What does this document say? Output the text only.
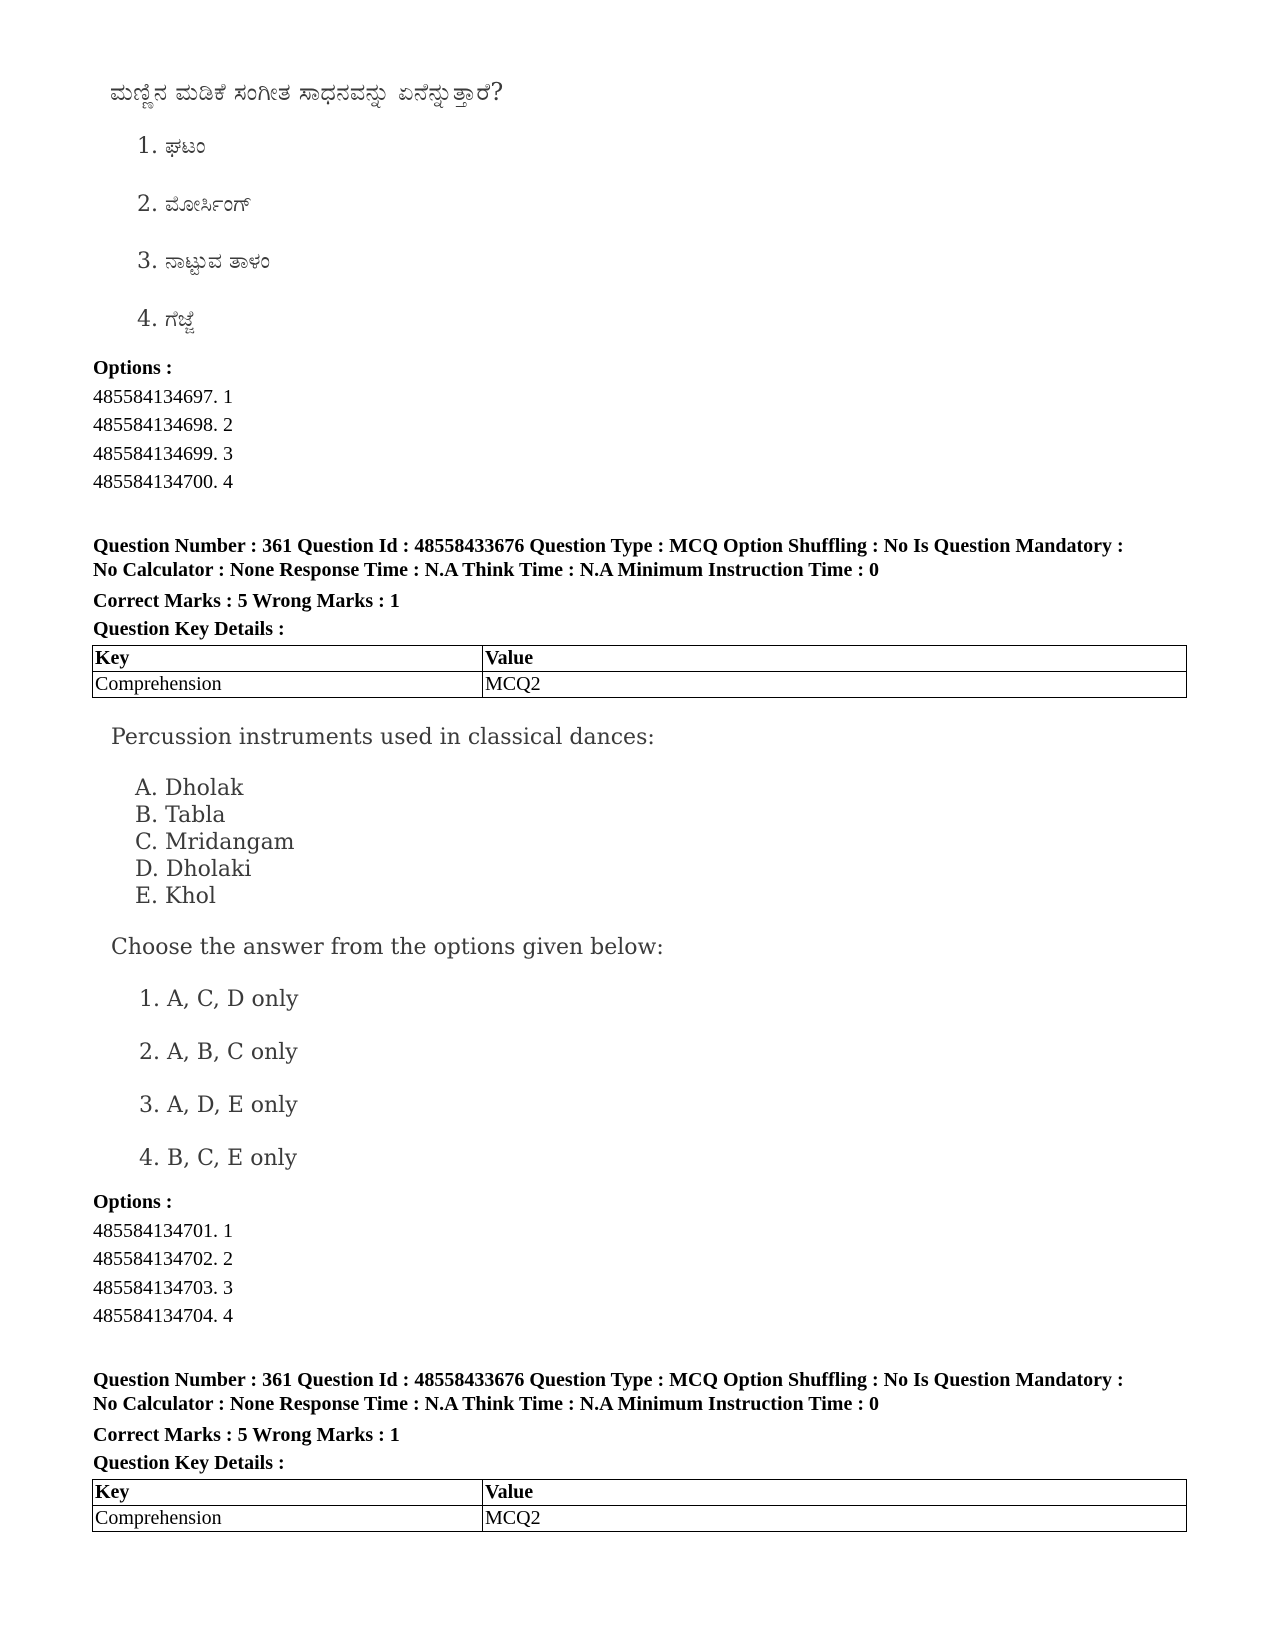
ಮಣ್ಣಿನ ಮಡಿಕೆ ಸಂಗೀತ ಸಾಧನವನ್ನು ಏನೆನ್ನುತ್ತಾರೆ?
1. ಘಟಂ
2. ಮೋರ್ಸಿಂಗ್
3. ನಾಟ್ಟುವ ತಾಳಂ
4. ಗೆಜ್ಜೆ
Options :
485584134697. 1
485584134698. 2
485584134699. 3
485584134700. 4
Question Number : 361 Question Id : 48558433676 Question Type : MCQ Option Shuffling : No Is Question Mandatory :
No Calculator : None Response Time : N.A Think Time : N.A Minimum Instruction Time : 0
Correct Marks : 5 Wrong Marks : 1
Question Key Details :
Key	Value
Comprehension	MCQ2
Percussion instruments used in classical dances:
A. Dholak
B. Tabla
C. Mridangam
D. Dholaki
E. Khol
Choose the answer from the options given below:
1. A, C, D only
2. A, B, C only
3. A, D, E only
4. B, C, E only
Options :
485584134701. 1
485584134702. 2
485584134703. 3
485584134704. 4
Question Number : 361 Question Id : 48558433676 Question Type : MCQ Option Shuffling : No Is Question Mandatory :
No Calculator : None Response Time : N.A Think Time : N.A Minimum Instruction Time : 0
Correct Marks : 5 Wrong Marks : 1
Question Key Details :
Key	Value
Comprehension	MCQ2
